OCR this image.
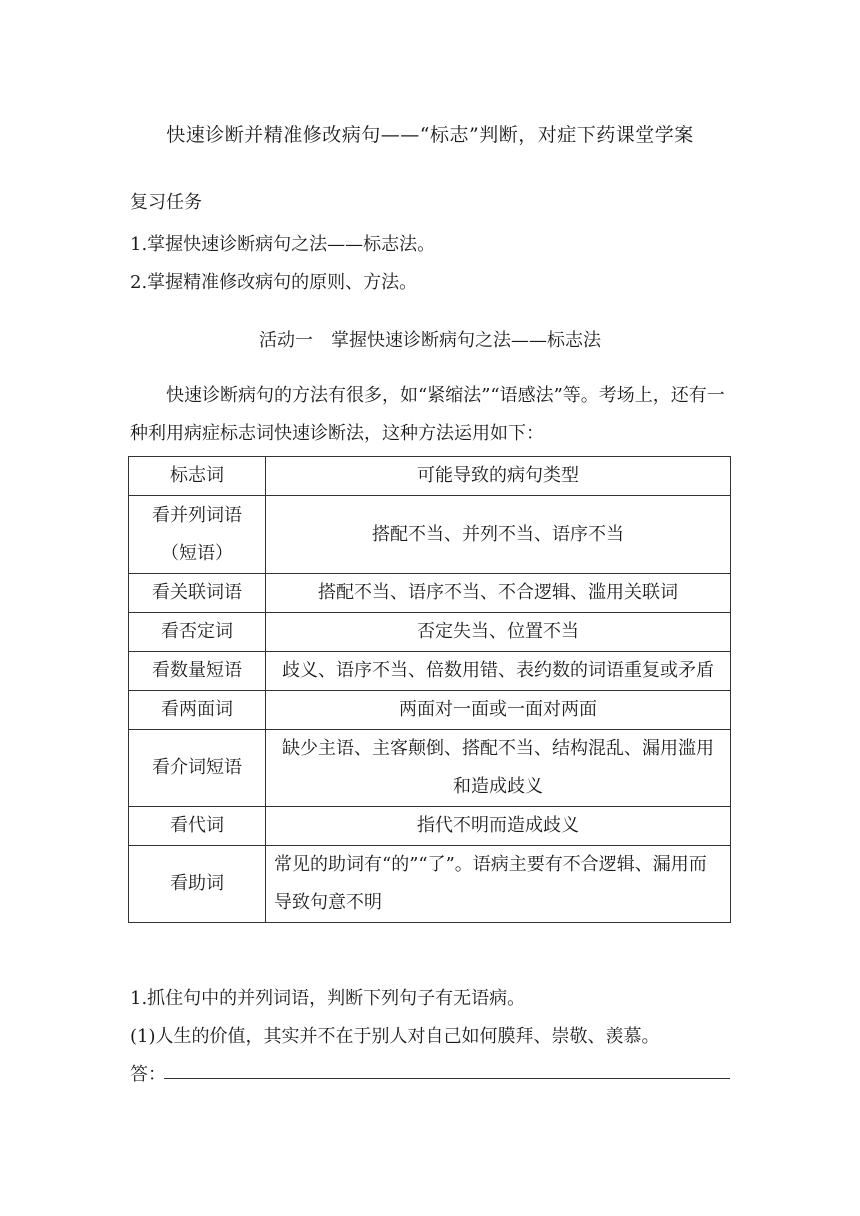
快速诊断并精准修改病句——“标志”判断，对症下药课堂学案
复习任务
1.掌握快速诊断病句之法——标志法。
2.掌握精准修改病句的原则、方法。
活动一　掌握快速诊断病句之法——标志法
快速诊断病句的方法有很多，如“紧缩法”“语感法”等。考场上，还有一种利用病症标志词快速诊断法，这种方法运用如下：
标志词	可能导致的病句类型
看并列词语（短语）	搭配不当、并列不当、语序不当
看关联词语	搭配不当、语序不当、不合逻辑、滥用关联词
看否定词	否定失当、位置不当
看数量短语	歧义、语序不当、倍数用错、表约数的词语重复或矛盾
看两面词	两面对一面或一面对两面
看介词短语	缺少主语、主客颠倒、搭配不当、结构混乱、漏用滥用和造成歧义
看代词	指代不明而造成歧义
看助词	常见的助词有“的”“了”。语病主要有不合逻辑、漏用而导致句意不明
1.抓住句中的并列词语，判断下列句子有无语病。
(1)人生的价值，其实并不在于别人对自己如何膜拜、崇敬、羡慕。
答：
